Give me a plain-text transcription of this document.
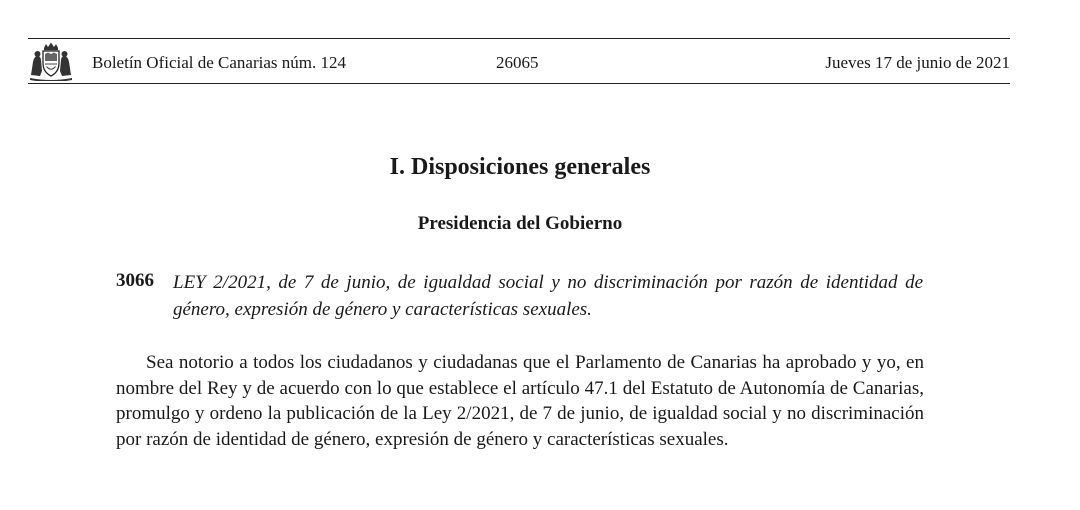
Boletín Oficial de Canarias núm. 124	26065	Jueves 17 de junio de 2021
I. Disposiciones generales
Presidencia del Gobierno
3066 LEY 2/2021, de 7 de junio, de igualdad social y no discriminación por razón de identidad de género, expresión de género y características sexuales.

Sea notorio a todos los ciudadanos y ciudadanas que el Parlamento de Canarias ha aprobado y yo, en nombre del Rey y de acuerdo con lo que establece el artículo 47.1 del Estatuto de Autonomía de Canarias, promulgo y ordeno la publicación de la Ley 2/2021, de 7 de junio, de igualdad social y no discriminación por razón de identidad de género, expresión de género y características sexuales.
